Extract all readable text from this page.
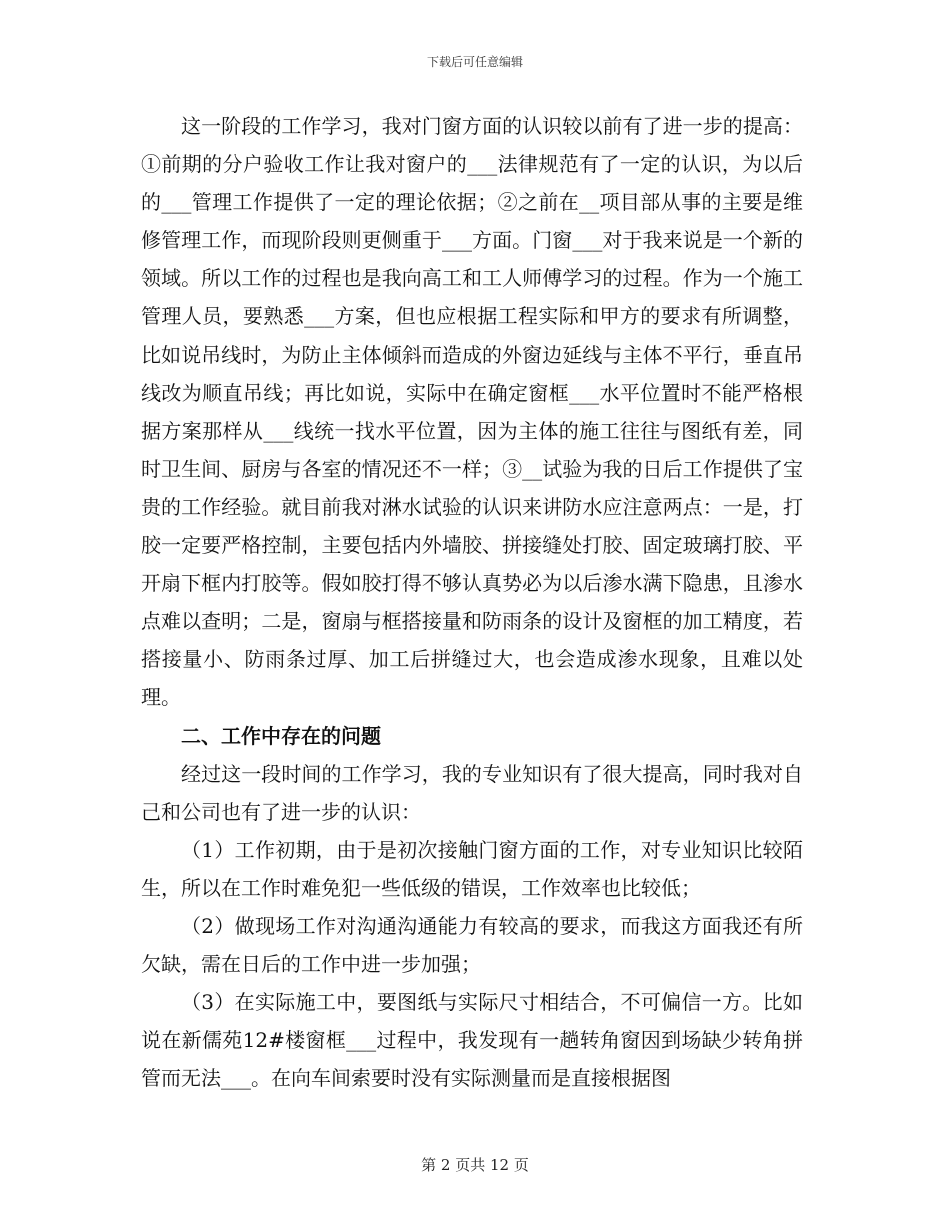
下载后可任意编辑

这一阶段的工作学习，我对门窗方面的认识较以前有了进一步的提高：①前期的分户验收工作让我对窗户的___法律规范有了一定的认识，为以后的___管理工作提供了一定的理论依据；②之前在__项目部从事的主要是维修管理工作，而现阶段则更侧重于___方面。门窗___对于我来说是一个新的领域。所以工作的过程也是我向高工和工人师傅学习的过程。作为一个施工管理人员，要熟悉___方案，但也应根据工程实际和甲方的要求有所调整，比如说吊线时，为防止主体倾斜而造成的外窗边延线与主体不平行，垂直吊线改为顺直吊线；再比如说，实际中在确定窗框___水平位置时不能严格根据方案那样从___线统一找水平位置，因为主体的施工往往与图纸有差，同时卫生间、厨房与各室的情况还不一样；③__试验为我的日后工作提供了宝贵的工作经验。就目前我对淋水试验的认识来讲防水应注意两点：一是，打胶一定要严格控制，主要包括内外墙胶、拼接缝处打胶、固定玻璃打胶、平开扇下框内打胶等。假如胶打得不够认真势必为以后渗水满下隐患，且渗水点难以查明；二是，窗扇与框搭接量和防雨条的设计及窗框的加工精度，若搭接量小、防雨条过厚、加工后拼缝过大，也会造成渗水现象，且难以处理。

二、工作中存在的问题

经过这一段时间的工作学习，我的专业知识有了很大提高，同时我对自己和公司也有了进一步的认识：

（1）工作初期，由于是初次接触门窗方面的工作，对专业知识比较陌生，所以在工作时难免犯一些低级的错误，工作效率也比较低；

（2）做现场工作对沟通沟通能力有较高的要求，而我这方面我还有所欠缺，需在日后的工作中进一步加强；

（3）在实际施工中，要图纸与实际尺寸相结合，不可偏信一方。比如说在新儒苑12#楼窗框___过程中，我发现有一趟转角窗因到场缺少转角拼管而无法___。在向车间索要时没有实际测量而是直接根据图

第 2 页共 12 页
